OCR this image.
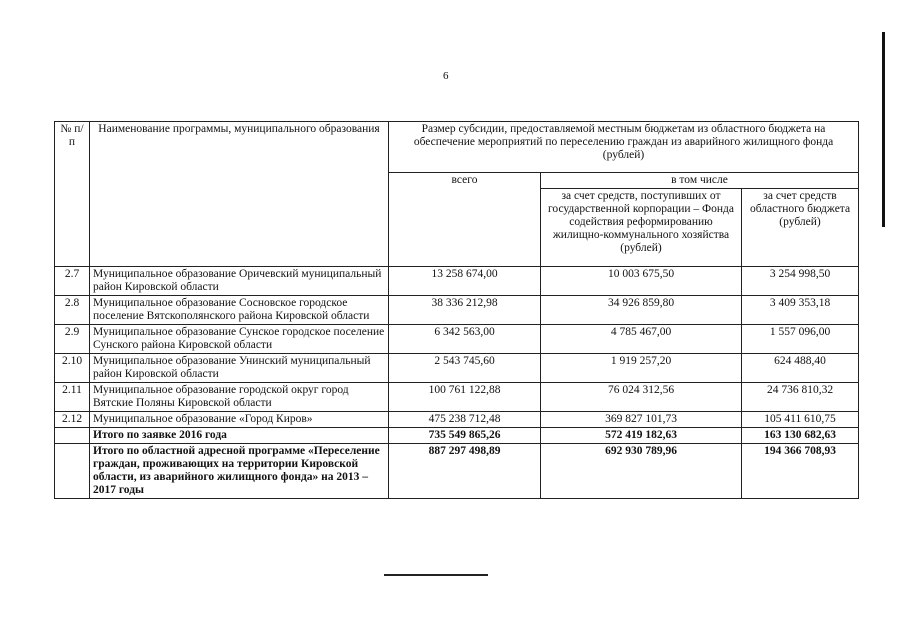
6
№ п/п	Наименование программы, муниципального образования	Размер субсидии, предоставляемой местным бюджетам из областного бюджета на обеспечение мероприятий по переселению граждан из аварийного жилищного фонда (рублей)		
		всего	в том числе	
			за счет средств, поступивших от государственной корпорации – Фонда содействия реформированию жилищно-коммунального хозяйства (рублей)	за счет средств областного бюджета (рублей)
2.7	Муниципальное образование Оричевский муниципальный район Кировской области	13 258 674,00	10 003 675,50	3 254 998,50
2.8	Муниципальное образование Сосновское городское поселение Вятскополянского района Кировской области	38 336 212,98	34 926 859,80	3 409 353,18
2.9	Муниципальное образование Сунское городское поселение Сунского района Кировской области	6 342 563,00	4 785 467,00	1 557 096,00
2.10	Муниципальное образование Унинский муниципальный район Кировской области	2 543 745,60	1 919 257,20	624 488,40
2.11	Муниципальное образование городской округ город Вятские Поляны Кировской области	100 761 122,88	76 024 312,56	24 736 810,32
2.12	Муниципальное образование «Город Киров»	475 238 712,48	369 827 101,73	105 411 610,75
	Итого по заявке 2016 года	735 549 865,26	572 419 182,63	163 130 682,63
	Итого по областной адресной программе «Переселение граждан, проживающих на территории Кировской области, из аварийного жилищного фонда» на 2013 – 2017 годы	887 297 498,89	692 930 789,96	194 366 708,93
